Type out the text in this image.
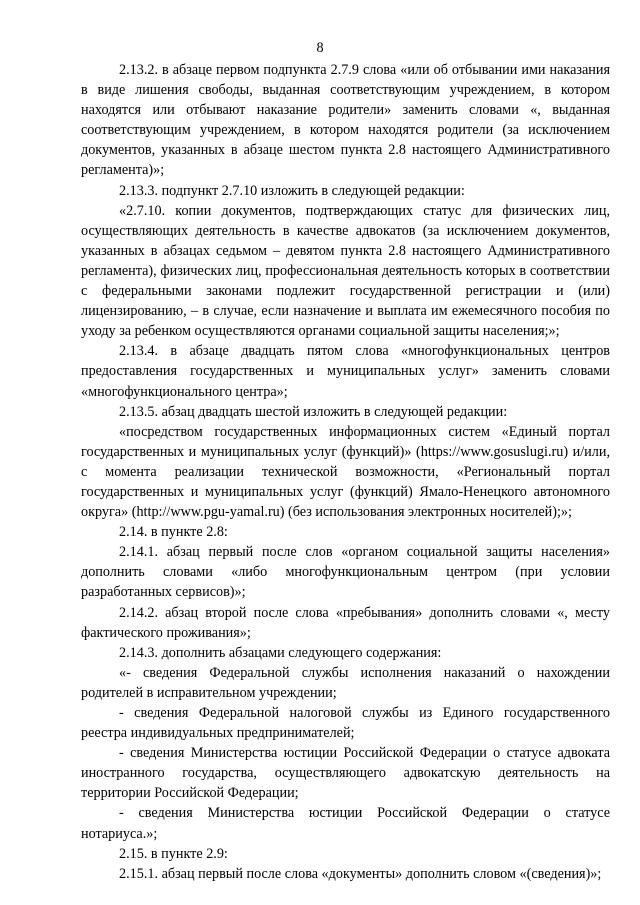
8

2.13.2. в абзаце первом подпункта 2.7.9 слова «или об отбывании ими наказания в виде лишения свободы, выданная соответствующим учреждением, в котором находятся или отбывают наказание родители» заменить словами «, выданная соответствующим учреждением, в котором находятся родители (за исключением документов, указанных в абзаце шестом пункта 2.8 настоящего Административного регламента)»;

2.13.3. подпункт 2.7.10 изложить в следующей редакции:

«2.7.10. копии документов, подтверждающих статус для физических лиц, осуществляющих деятельность в качестве адвокатов (за исключением документов, указанных в абзацах седьмом – девятом пункта 2.8 настоящего Административного регламента), физических лиц, профессиональная деятельность которых в соответствии с федеральными законами подлежит государственной регистрации и (или) лицензированию, – в случае, если назначение и выплата им ежемесячного пособия по уходу за ребенком осуществляются органами социальной защиты населения;»;

2.13.4. в абзаце двадцать пятом слова «многофункциональных центров предоставления государственных и муниципальных услуг» заменить словами «многофункционального центра»;

2.13.5. абзац двадцать шестой изложить в следующей редакции:

«посредством государственных информационных систем «Единый портал государственных и муниципальных услуг (функций)» (https://www.gosuslugi.ru) и/или, с момента реализации технической возможности, «Региональный портал государственных и муниципальных услуг (функций) Ямало-Ненецкого автономного округа» (http://www.pgu-yamal.ru) (без использования электронных носителей);»;

2.14. в пункте 2.8:

2.14.1. абзац первый после слов «органом социальной защиты населения» дополнить словами «либо многофункциональным центром (при условии разработанных сервисов)»;

2.14.2. абзац второй после слова «пребывания» дополнить словами «, месту фактического проживания»;

2.14.3. дополнить абзацами следующего содержания:

«- сведения Федеральной службы исполнения наказаний о нахождении родителей в исправительном учреждении;

- сведения Федеральной налоговой службы из Единого государственного реестра индивидуальных предпринимателей;

- сведения Министерства юстиции Российской Федерации о статусе адвоката иностранного государства, осуществляющего адвокатскую деятельность на территории Российской Федерации;

- сведения Министерства юстиции Российской Федерации о статусе нотариуса.»;

2.15. в пункте 2.9:

2.15.1. абзац первый после слова «документы» дополнить словом «(сведения)»;
